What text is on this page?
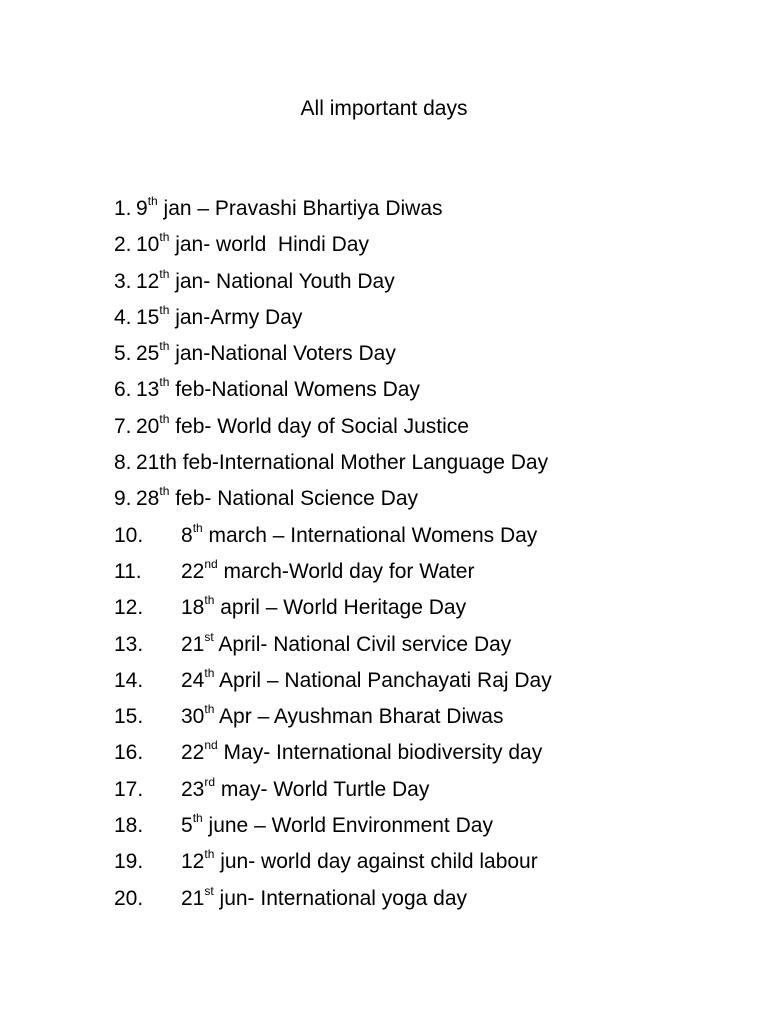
All important days
1. 9th jan – Pravashi Bhartiya Diwas
2. 10th jan- world  Hindi Day
3. 12th jan- National Youth Day
4. 15th jan-Army Day
5. 25th jan-National Voters Day
6. 13th feb-National Womens Day
7. 20th feb- World day of Social Justice
8. 21th feb-International Mother Language Day
9. 28th feb- National Science Day
10. 8th march – International Womens Day
11. 22nd march-World day for Water
12. 18th april – World Heritage Day
13. 21st April- National Civil service Day
14. 24th April – National Panchayati Raj Day
15. 30th Apr – Ayushman Bharat Diwas
16. 22nd May- International biodiversity day
17. 23rd may- World Turtle Day
18. 5th june – World Environment Day
19. 12th jun- world day against child labour
20. 21st jun- International yoga day
